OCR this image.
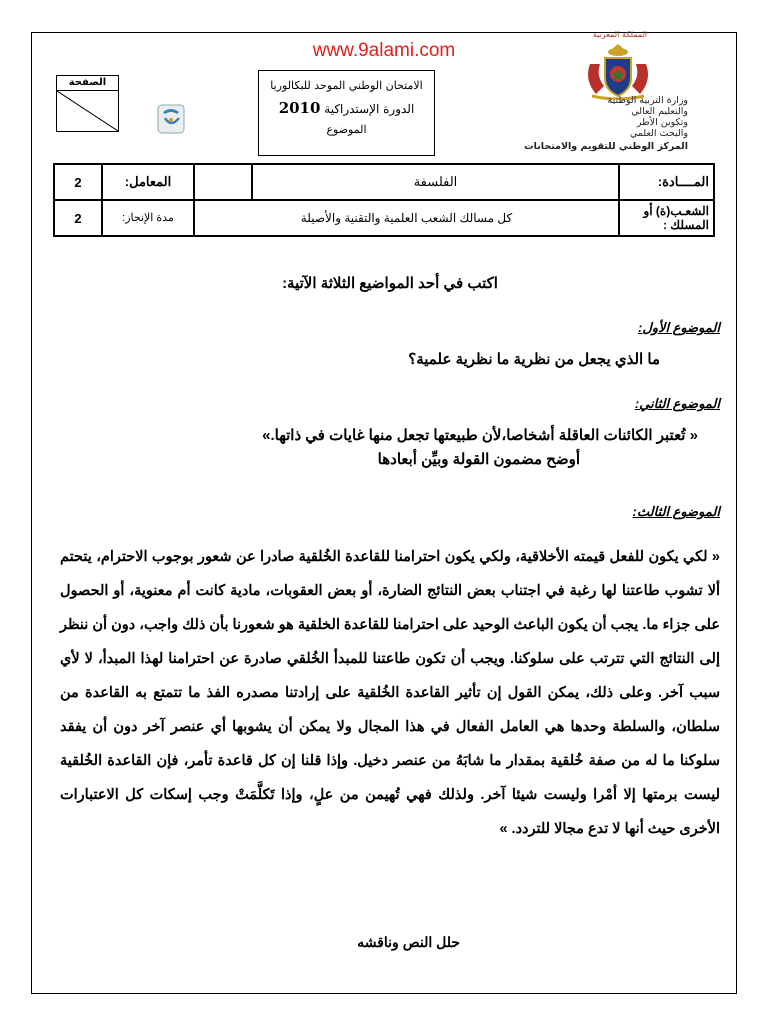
www.9alami.com
المملكة المغربية
وزارة التربية الوطنية
والتعليم العالي
وتكوين الأطر
والبحث العلمي
المركز الوطني للتقويم والامتحانات
الامتحان الوطني الموحد للبكالوريا
الدورة الإستدراكية 2010
الموضوع
الصفحة
المــــادة:	الفلسفة		المعامل:	2
الشعـب(ة) أو المسلك :	كل مسالك الشعب العلمية والتقنية والأصيلة		مدة الإنجاز:	2
اكتب في أحد المواضيع الثلاثة الآتية:
الموضوع الأول:
ما الذي يجعل من نظرية ما نظرية علمية؟
الموضوع الثاني:
« تُعتبر الكائنات العاقلة أشخاصا،لأن طبيعتها تجعل منها غايات في ذاتها.»
أوضح مضمون القولة وبيِّن أبعادها
الموضوع الثالث:
« لكي يكون للفعل قيمته الأخلاقية، ولكي يكون احترامنا للقاعدة الخُلقية صادرا عن شعور بوجوب الاحترام، يتحتم ألا تشوب طاعتنا لها رغبة في اجتناب بعض النتائج الضارة، أو بعض العقوبات، مادية كانت أم معنوية، أو الحصول على جزاء ما. يجب أن يكون الباعث الوحيد على احترامنا للقاعدة الخلقية هو شعورنا بأن ذلك واجب، دون أن ننظر إلى النتائج التي تترتب على سلوكنا. ويجب أن تكون طاعتنا للمبدأ الخُلقي صادرة عن احترامنا لهذا المبدأ، لا لأي سبب آخر. وعلى ذلك، يمكن القول إن تأثير القاعدة الخُلقية على إرادتنا مصدره الفذ ما تتمتع به القاعدة من سلطان، والسلطة وحدها هي العامل الفعال في هذا المجال ولا يمكن أن يشوبها أي عنصر آخر دون أن يفقد سلوكنا ما له من صفة خُلقية بمقدار ما شابَهُ من عنصر دخيل. وإذا قلنا إن كل قاعدة تأمر، فإن القاعدة الخُلقية ليست برمتها إلا أمْرا وليست شيئا آخر. ولذلك فهي تُهيمن من علٍ، وإذا تَكلَّمَتْ وجب إسكات كل الاعتبارات الأخرى حيث أنها لا تدع مجالا للتردد. »
حلل النص وناقشه
